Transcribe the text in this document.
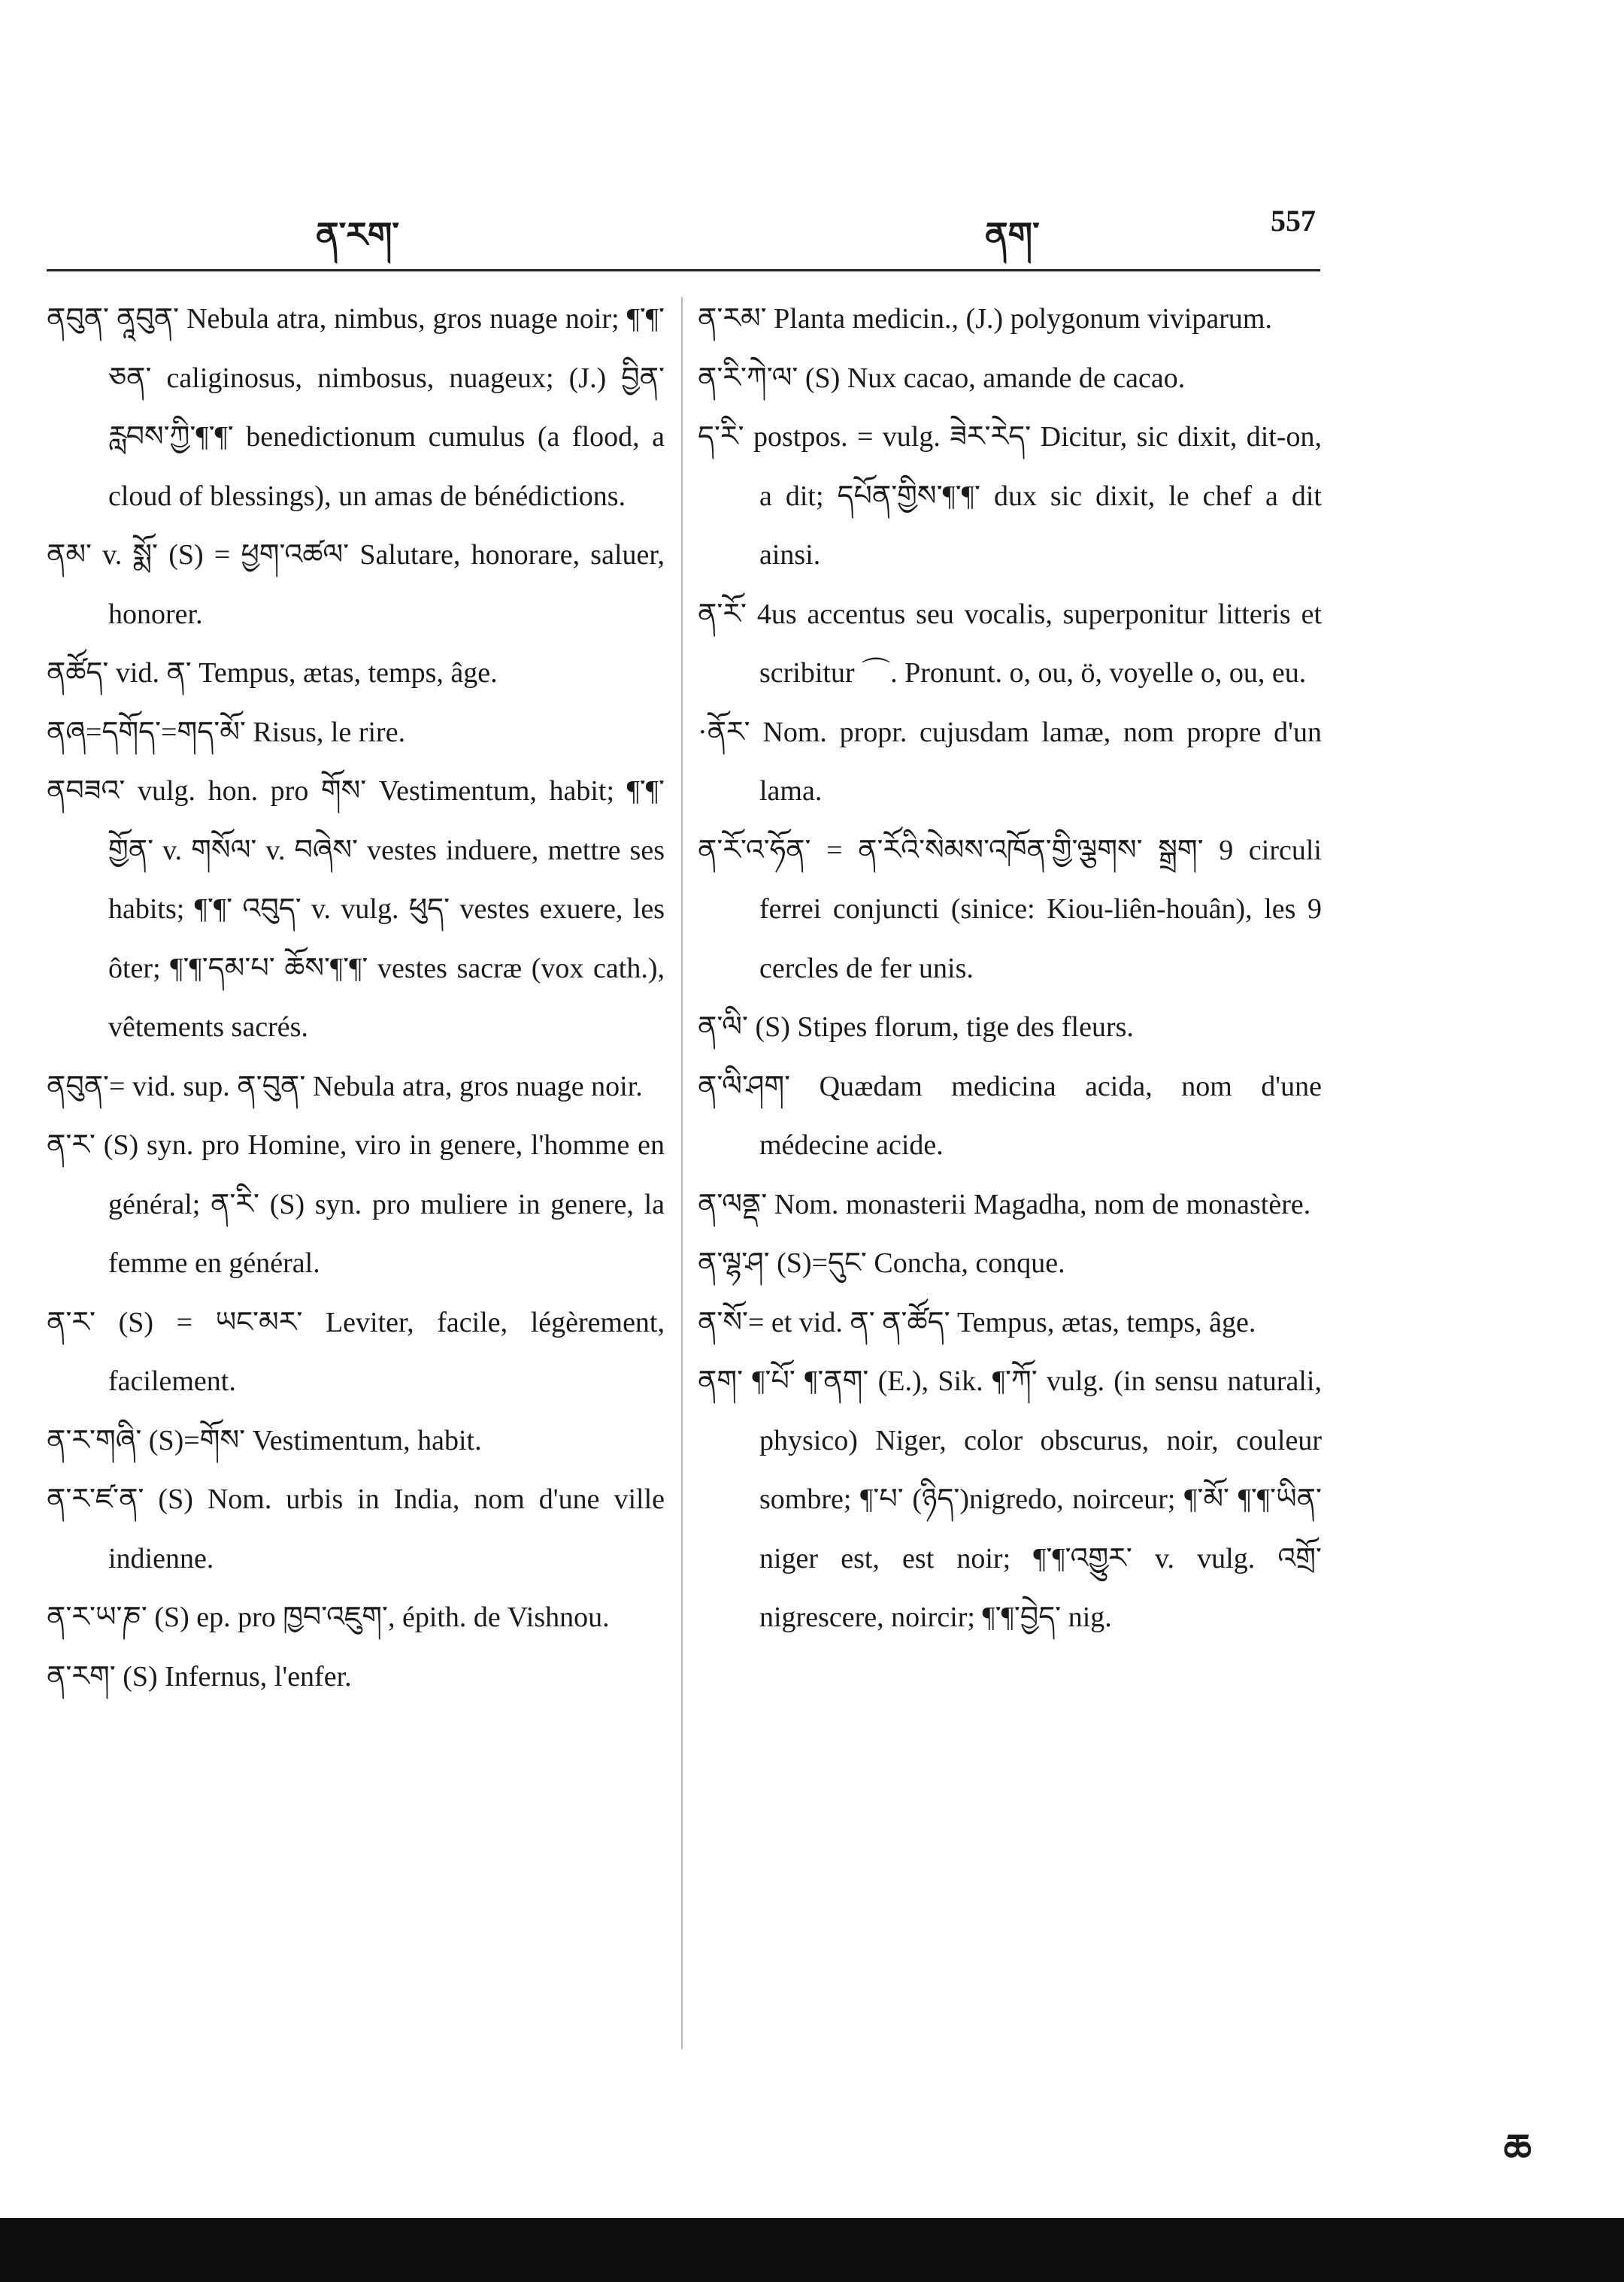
ན་རག་	ནག་	557

ནབུན་ ནཱབུན་ Nebula atra, nimbus, gros nuage noir; ¶་¶་ཅན་ caliginosus, nimbosus, nuageux; (J.) བྱིན་རླབས་ཀྱི་¶་¶་ benedictionum cumulus (a flood, a cloud of blessings), un amas de bénédictions.

ནམ་ v. སྨོ་ (S) = ཕྱག་འཚལ་ Salutare, honorare, saluer, honorer.

ནཚོད་ vid. ན་ Tempus, ætas, temps, âge.

ནཞ=དགོད་=གད་མོ་ Risus, le rire.

ནབཟའ་ vulg. hon. pro གོས་ Vestimentum, habit; ¶་¶་གྱོན་ v. གསོལ་ v. བཞེས་ vestes induere, mettre ses habits; ¶་¶་ འབུད་ v. vulg. ཕུད་ vestes exuere, les ôter; ¶་¶་དམ་པ་ ཆོས་¶་¶་ vestes sacræ (vox cath.), vêtements sacrés.

ནབུན་= vid. sup. ན་བུན་ Nebula atra, gros nuage noir.

ན་ར་ (S) syn. pro Homine, viro in genere, l'homme en général; ན་རི་ (S) syn. pro muliere in genere, la femme en général.

ན་ར་ (S) = ཡང་མར་ Leviter, facile, légèrement, facilement.

ན་ར་གཞི་ (S)=གོས་ Vestimentum, habit.

ན་ར་ཛ་ན་ (S) Nom. urbis in India, nom d'une ville indienne.

ན་ར་ཡ་ཎ་ (S) ep. pro ཁྱབ་འཇུག་, épith. de Vishnou.

ན་རག་ (S) Infernus, l'enfer.

ན་རམ་ Planta medicin., (J.) polygonum viviparum.

ན་རི་ཀེ་ལ་ (S) Nux cacao, amande de cacao.

ད་རི་ postpos. = vulg. ཟེར་རེད་ Dicitur, sic dixit, dit-on, a dit; དཔོན་གྱིས་¶་¶་ dux sic dixit, le chef a dit ainsi.

ན་རོ་ 4us accentus seu vocalis, superponitur litteris et scribitur ⌒. Pronunt. o, ou, ö, voyelle o, ou, eu.

·ནོར་ Nom. propr. cujusdam lamæ, nom propre d'un lama.

ན་རོ་འ་ཧོན་ = ན་རོའི་སེམས་འཁོན་གྱི་ལྕགས་ སྒྲག་ 9 circuli ferrei conjuncti (sinice: Kiou-liên-houân), les 9 cercles de fer unis.

ན་ལི་ (S) Stipes florum, tige des fleurs.

ན་ལི་ཤག་ Quædam medicina acida, nom d'une médecine acide.

ན་ལནྡ་ Nom. monasterii Magadha, nom de monastère.

ན་ལྷ་ཤ་ (S)=དུང་ Concha, conque.

ན་སོ་= et vid. ན་ ན་ཚོད་ Tempus, ætas, temps, âge.

ནག་ ¶་པོ་ ¶་ནག་ (E.), Sik. ¶་ཀོ་ vulg. (in sensu naturali, physico) Niger, color obscurus, noir, couleur sombre; ¶་པ་ (ཉིད་)nigredo, noirceur; ¶་མོ་ ¶་¶་ཡིན་ niger est, est noir; ¶་¶་འགྱུར་ v. vulg. འགྲོ་ nigrescere, noircir; ¶་¶་བྱེད་ nig.

ཆ
